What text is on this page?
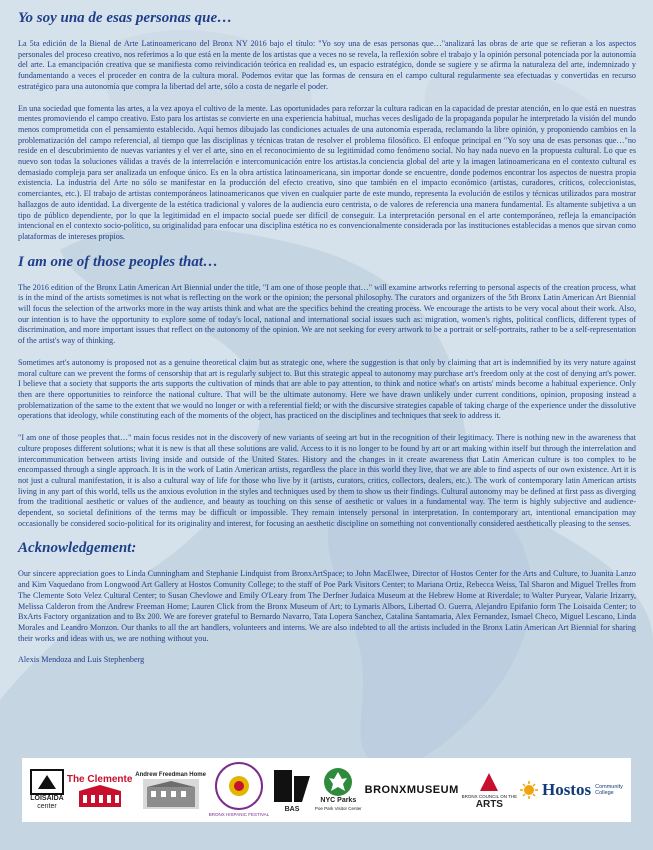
Yo soy una de esas personas que…

La 5ta edición de la Bienal de Arte Latinoamericano del Bronx NY 2016 bajo el título: "Yo soy una de esas personas que…"analizará las obras de arte que se refieran a los aspectos personales del proceso creativo, nos referimos a lo que está en la mente de los artistas que a veces no se revela, la reflexión sobre el trabajo y la opinión personal potenciada por la autonomía del arte. La emancipación creativa que se manifiesta como reivindicación teórica en realidad es, un espacio estratégico, donde se sugiere y se afirma la naturaleza del arte, indemnizado y fundamentando a veces el proceder en contra de la cultura moral. Podemos evitar que las formas de censura en el campo cultural regularmente sea efectuadas y convertidas en recurso estratégico para una autonomía que compra la libertad del arte, sólo a costa de negarle el poder.

En una sociedad que fomenta las artes, a la vez apoya el cultivo de la mente. Las oportunidades para reforzar la cultura radican en la capacidad de prestar atención, en lo que está en nuestras mentes promoviendo el campo creativo. Esto para los artistas se convierte en una experiencia habitual, muchas veces desligado de la propaganda popular he interpretado la visión del mundo menos comprometida con el pensamiento establecido. Aquí hemos dibujado las condiciones actuales de una autonomía esperada, reclamando la libre opinión, y proponiendo cambios en la problematización del campo referencial, al tiempo que las disciplinas y técnicas tratan de resolver el problema filosófico. El enfoque principal en "Yo soy una de esas personas que…"no reside en el descubrimiento de nuevas variantes y el ver el arte, sino en el reconocimiento de su legitimidad como fenómeno social. No hay nada nuevo en la propuesta cultural. Lo que es nuevo son todas la soluciones válidas a través de la interrelación e intercomunicación entre los artistas.la conciencia global del arte y la imagen latinoamericana en el contexto cultural es demasiado compleja para ser analizada un enfoque único. Es en la obra artística latinoamericana, sin importar donde se encuentre, donde podemos encontrar los aspectos de nuestra propia existencia. La industria del Arte no sólo se manifestar en la producción del efecto creativo, sino que también en el impacto económico (artistas, curadores, críticos, coleccionistas, comerciantes, etc.). El trabajo de artistas contemporáneos latinoamericanos que viven en cualquier parte de este mundo, representa la evolución de estilos y técnicas utilizados para mostrar hallazgos de auto identidad. La divergente de la estética tradicional y valores de la audiencia euro centrista, o de valores de referencia una manera fundamental. Es altamente subjetiva a un tipo de público dependiente, por lo que la legitimidad en el impacto social puede ser difícil de conseguir. La interpretación personal en el arte contemporáneo, refleja la emancipación intencional en el contexto socio-político, su originalidad para enfocar una disciplina estética no es convencionalmente considerada por las instituciones establecidas a menos que sirvan como plataformas de intereses propios.

I am one of those peoples that…

The 2016 edition of the Bronx Latin American Art Biennial under the title, "I am one of those people that…" will examine artworks referring to personal aspects of the creation process, what is in the mind of the artists sometimes is not what is reflecting on the work or the opinion; the personal philosophy. The curators and organizers of the 5th Bronx Latin American Art Biennial will focus the selection of the artworks more in the way artists think and what are the specifics behind the creating process. We encourage the artists to be very vocal about their work. Also, our intention is to have the opportunity to explore some of today's local, national and international social issues such as: migration, women's rights, political conflicts, different types of discrimination, and more important issues that reflect on the autonomy of the opinion. We are not seeking for every artwork to be a portrait or self-portraits, rather to be a self-representation of the artist's way of thinking.

Sometimes art's autonomy is proposed not as a genuine theoretical claim but as strategic one, where the suggestion is that only by claiming that art is indemnified by its very nature against moral culture can we prevent the forms of censorship that art is regularly subject to. But this strategic appeal to autonomy may purchase art's freedom only at the cost of denying art's power. I believe that a society that supports the arts supports the cultivation of minds that are able to pay attention, to think and notice what's on artists' minds become a habitual experience. Only then are there opportunities to reinforce the national culture. That will be the ultimate autonomy. Here we have drawn unlikely under current conditions, opinion, proposing instead a problematization of the same to the extent that we would no longer or with a referential field; or with the discursive strategies capable of taking charge of the experience under the dissolutive operations that ideology, while constituting each of the moments of the object, has practiced on the disciplines and techniques that seek to address it.

"I am one of those peoples that…" main focus resides not in the discovery of new variants of seeing art but in the recognition of their legitimacy. There is nothing new in the awareness that culture proposes different solutions; what it is new is that all these solutions are valid. Access to it is no longer to be found by art or art making within itself but through the interrelation and intercommunication between artists living inside and outside of the United States. History and the changes in it create awareness that Latin American culture is too complex to be encompassed through a single approach. It is in the work of Latin American artists, regardless the place in this world they live, that we are able to find aspects of our own existence. Art it is not just a cultural manifestation, it is also a cultural way of life for those who live by it (artists, curators, critics, collectors, dealers, etc.). The work of contemporary latin American artists living in any part of this world, tells us the anxious evolution in the styles and techniques used by them to show us their findings. Cultural autonomy may be defined at first pass as diverging from the traditional aesthetic or values of the audience, and beauty as touching on this sense of aesthetic or values in a fundamental way. The term is highly subjective and audience-dependent, so societal definitions of the terms may be difficult or impossible. They remain intensely personal in interpretation. In contemporary art, intentional emancipation may occasionally be considered socio-political for its originality and interest, for focusing an aesthetic discipline on something not conventionally considered aesthetically pleasing to the senses.

Acknowledgement:

Our sincere appreciation goes to Linda Cunningham and Stephanie Lindquist from BronxArtSpace; to John MacElwee, Director of Hostos Center for the Arts and Culture, to Juanita Lanzo and Kim Vaquedano from Longwood Art Gallery at Hostos Comunity College; to the staff of Poe Park Visitors Center; to Mariana Ortiz, Rebecca Weiss, Tal Sharon and Miguel Trelles from The Clemente Soto Velez Cultural Center; to Susan Chevlowe and Emily O'Leary from The Derfner Judaica Museum at the Hebrew Home at Riverdale; to Walter Puryear, Valarie Irizarry, Melissa Calderon from the Andrew Freeman Home; Lauren Click from the Bronx Museum of Art; to Lymaris Albors, Libertad O. Guerra, Alejandro Epifanio form The Loisaida Center; to BxArts Factory organization and to Bx 200. We are forever grateful to Bernardo Navarro, Tata Lopera Sanchez, Catalina Santamaria, Alex Fernandez, Ismael Checo, Miguel Lescano, Linda Morales and Leandro Monzon. Our thanks to all the art handlers, volunteers and interns. We are also indebted to all the artists included in the Bronx Latin American Art Biennial for sharing their works and ideas with us, we are nothing without you.

Alexis Mendoza and Luis Stephenberg

LOISAIDA
center
The Clemente Andrew Freedman Home
BRONX HISPANIC FESTIVAL
BAS
NYC Parks
Poe Park Visitor Center
BRONXMUSEUM
BRONX COUNCIL ON THE
ARTS
Hostos Community
College
